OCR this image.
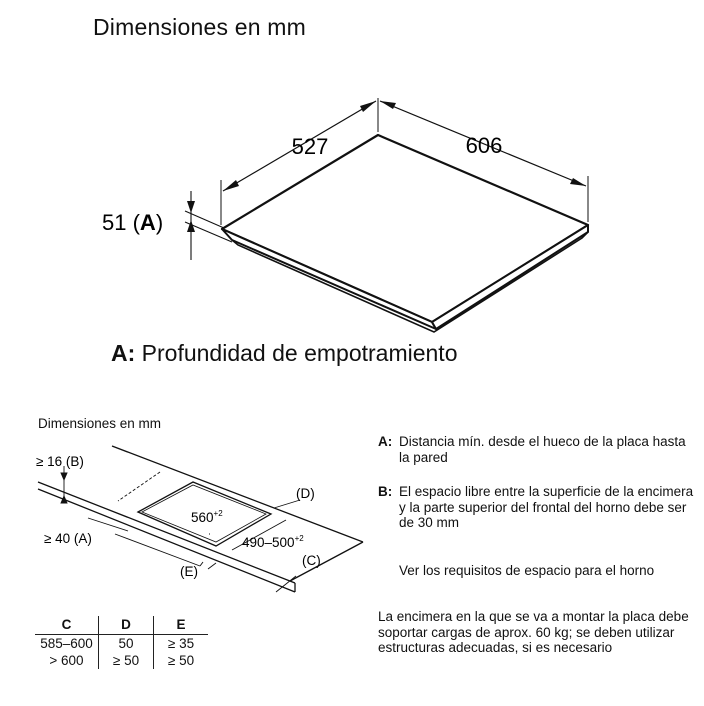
Dimensiones en mm
527	606
51 (A)
A: Profundidad de empotramiento
Dimensiones en mm
≥ 16 (B)
≥ 40 (A)
$560^{+2}$
$490-500^{+2}$
(D)
(C)
(E)
A: Distancia mín. desde el hueco de la placa hasta la pared
B: El espacio libre entre la superficie de la encimera y la parte superior del frontal del horno debe ser de 30 mm
Ver los requisitos de espacio para el horno
La encimera en la que se va a montar la placa debe soportar cargas de aprox. 60 kg; se deben utilizar estructuras adecuadas, si es necesario
C	D	E
585–600	50	≥ 35
> 600	≥ 50	≥ 50
